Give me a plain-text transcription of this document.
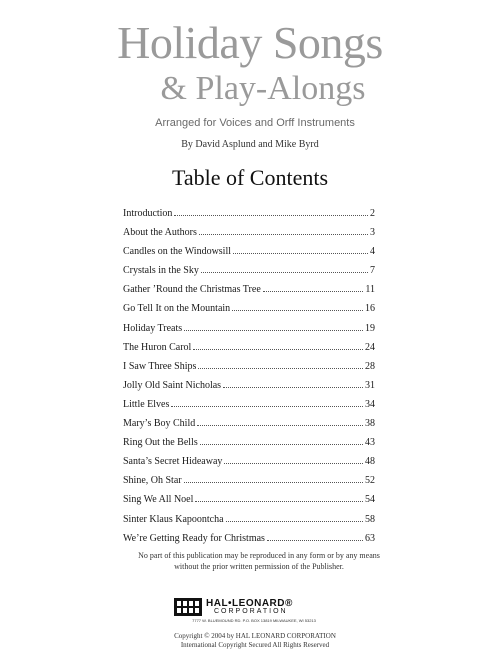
Holiday Songs
& Play-Alongs
Arranged for Voices and Orff Instruments
By David Asplund and Mike Byrd
Table of Contents
Introduction	2
About the Authors	3
Candles on the Windowsill	4
Crystals in the Sky	7
Gather ’Round the Christmas Tree	11
Go Tell It on the Mountain	16
Holiday Treats	19
The Huron Carol	24
I Saw Three Ships	28
Jolly Old Saint Nicholas	31
Little Elves	34
Mary’s Boy Child	38
Ring Out the Bells	43
Santa’s Secret Hideaway	48
Shine, Oh Star	52
Sing We All Noel	54
Sinter Klaus Kapoontcha	58
We’re Getting Ready for Christmas	63
No part of this publication may be reproduced in any form or by any means
without the prior written permission of the Publisher.
HAL•LEONARD®
CORPORATION
7777 W. BLUEMOUND RD. P.O. BOX 13819 MILWAUKEE, WI 53213
Copyright © 2004 by HAL LEONARD CORPORATION
International Copyright Secured All Rights Reserved
